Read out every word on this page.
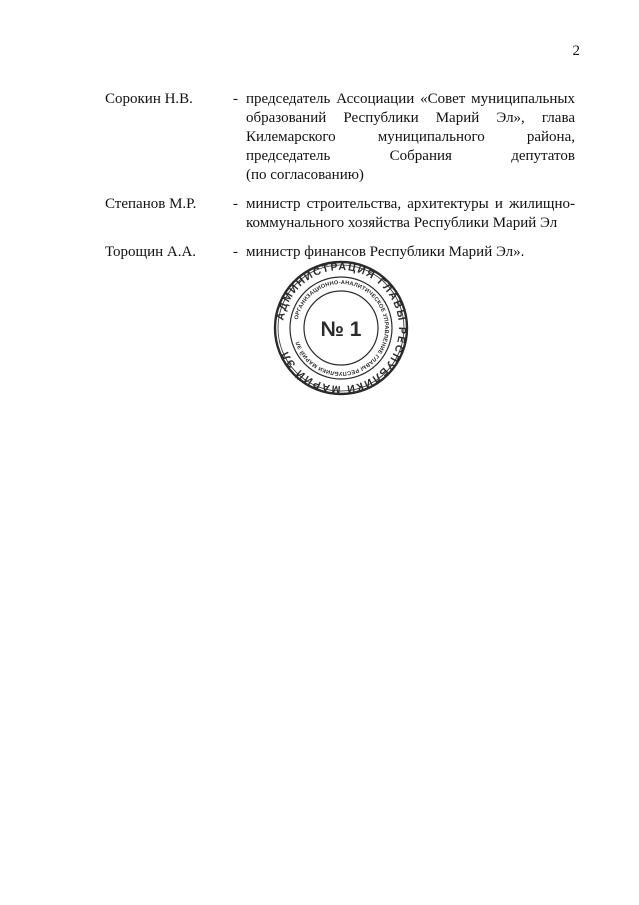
2
Сорокин Н.В.	- председатель Ассоциации «Совет муниципальных
образований Республики Марий Эл», глава
Килемарского муниципального района,
председатель Собрания депутатов
(по согласованию)
Степанов М.Р.	- министр строительства, архитектуры и жилищно-
коммунального хозяйства Республики Марий Эл
Торощин А.А.	- министр финансов Республики Марий Эл».
АДМИНИСТРАЦИЯ ГЛАВЫ РЕСПУБЛИКИ МАРИЙ ЭЛ
ОРГАНИЗАЦИОННО-АНАЛИТИЧЕСКОЕ УПРАВЛЕНИЕ ГЛАВЫ РЕСПУБЛИКИ МАРИЙ ЭЛ
№ 1
